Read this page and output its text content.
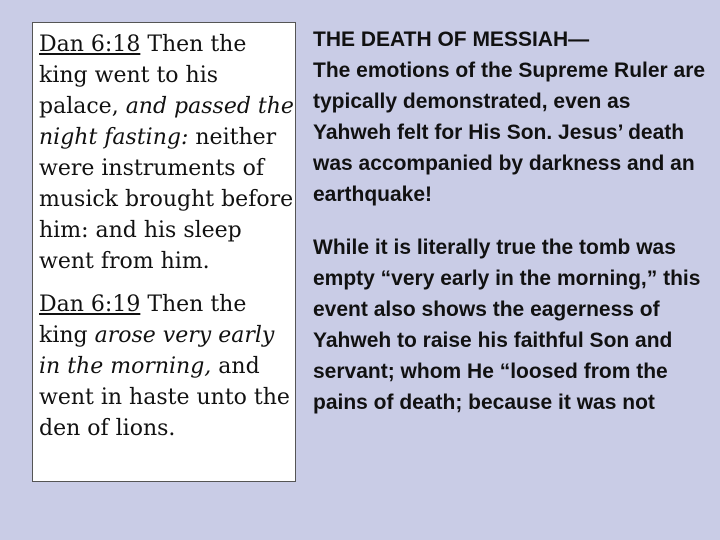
Dan 6:18 Then the king went to his palace, and passed the night fasting: neither were instruments of musick brought before him: and his sleep went from him.

Dan 6:19 Then the king arose very early in the morning, and went in haste unto the den of lions.

THE DEATH OF MESSIAH—

The emotions of the Supreme Ruler are typically demonstrated, even as Yahweh felt for His Son. Jesus’ death was accompanied by darkness and an earthquake!

While it is literally true the tomb was empty “very early in the morning,” this event also shows the eagerness of Yahweh to raise his faithful Son and servant; whom He “loosed from the pains of death; because it was not
